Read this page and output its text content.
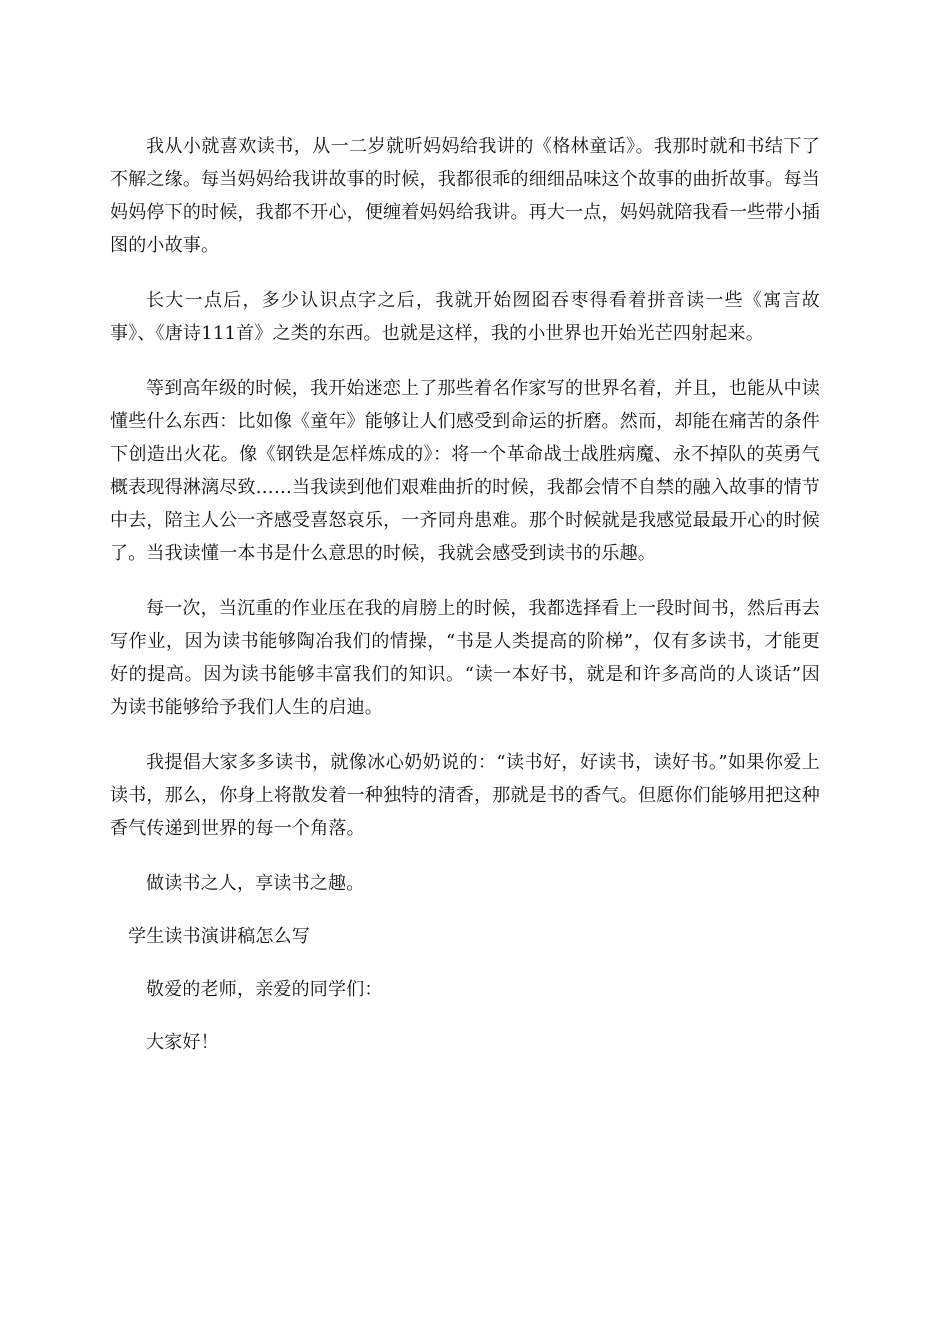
我从小就喜欢读书，从一二岁就听妈妈给我讲的《格林童话》。我那时就和书结下了不解之缘。每当妈妈给我讲故事的时候，我都很乖的细细品味这个故事的曲折故事。每当妈妈停下的时候，我都不开心，便缠着妈妈给我讲。再大一点，妈妈就陪我看一些带小插图的小故事。

长大一点后，多少认识点字之后，我就开始囫囵吞枣得看着拼音读一些《寓言故事》、《唐诗111首》之类的东西。也就是这样，我的小世界也开始光芒四射起来。

等到高年级的时候，我开始迷恋上了那些着名作家写的世界名着，并且，也能从中读懂些什么东西：比如像《童年》能够让人们感受到命运的折磨。然而，却能在痛苦的条件下创造出火花。像《钢铁是怎样炼成的》：将一个革命战士战胜病魔、永不掉队的英勇气概表现得淋漓尽致……当我读到他们艰难曲折的时候，我都会情不自禁的融入故事的情节中去，陪主人公一齐感受喜怒哀乐，一齐同舟患难。那个时候就是我感觉最最开心的时候了。当我读懂一本书是什么意思的时候，我就会感受到读书的乐趣。

每一次，当沉重的作业压在我的肩膀上的时候，我都选择看上一段时间书，然后再去写作业，因为读书能够陶冶我们的情操，“书是人类提高的阶梯”，仅有多读书，才能更好的提高。因为读书能够丰富我们的知识。“读一本好书，就是和许多高尚的人谈话”因为读书能够给予我们人生的启迪。

我提倡大家多多读书，就像冰心奶奶说的：“读书好，好读书，读好书。”如果你爱上读书，那么，你身上将散发着一种独特的清香，那就是书的香气。但愿你们能够用把这种香气传递到世界的每一个角落。

做读书之人，享读书之趣。

学生读书演讲稿怎么写

敬爱的老师，亲爱的同学们：

大家好！
